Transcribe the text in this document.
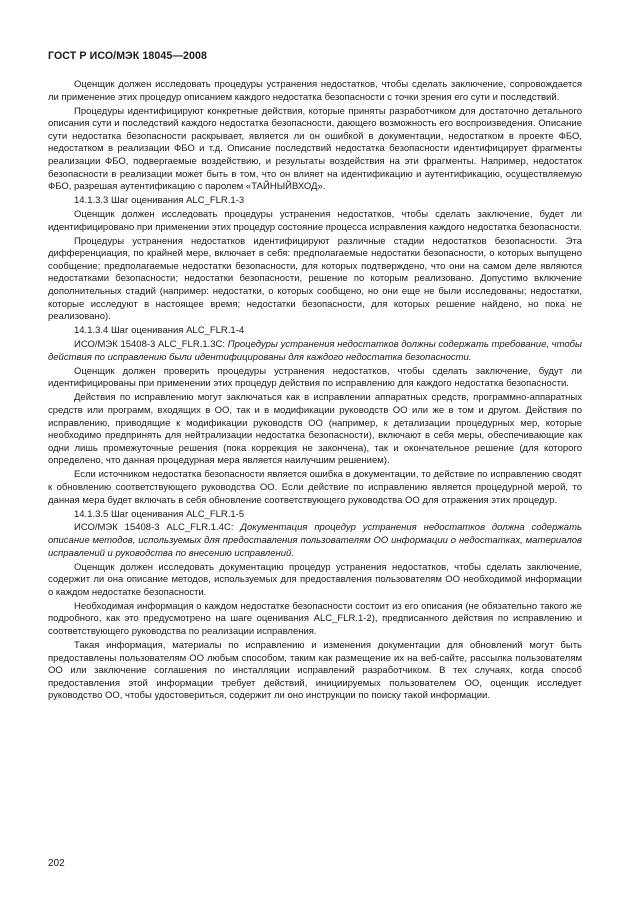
ГОСТ Р ИСО/МЭК 18045—2008

Оценщик должен исследовать процедуры устранения недостатков, чтобы сделать заключение, сопровождается ли применение этих процедур описанием каждого недостатка безопасности с точки зрения его сути и последствий.

Процедуры идентифицируют конкретные действия, которые приняты разработчиком для достаточно детального описания сути и последствий каждого недостатка безопасности, дающего возможность его воспроизведения. Описание сути недостатка безопасности раскрывает, является ли он ошибкой в документации, недостатком в проекте ФБО, недостатком в реализации ФБО и т.д. Описание последствий недостатка безопасности идентифицирует фрагменты реализации ФБО, подвергаемые воздействию, и результаты воздействия на эти фрагменты. Например, недостаток безопасности в реализации может быть в том, что он влияет на идентификацию и аутентификацию, осуществляемую ФБО, разрешая аутентификацию с паролем «ТАЙНЫЙВХОД».

14.1.3.3 Шаг оценивания ALC_FLR.1-3

Оценщик должен исследовать процедуры устранения недостатков, чтобы сделать заключение, будет ли идентифицировано при применении этих процедур состояние процесса исправления каждого недостатка безопасности.

Процедуры устранения недостатков идентифицируют различные стадии недостатков безопасности. Эта дифференциация, по крайней мере, включает в себя: предполагаемые недостатки безопасности, о которых выпущено сообщение; предполагаемые недостатки безопасности, для которых подтверждено, что они на самом деле являются недостатками безопасности; недостатки безопасности, решение по которым реализовано. Допустимо включение дополнительных стадий (например: недостатки, о которых сообщено, но они еще не были исследованы; недостатки, которые исследуют в настоящее время; недостатки безопасности, для которых решение найдено, но пока не реализовано).

14.1.3.4 Шаг оценивания ALC_FLR.1-4

ИСО/МЭК 15408-3 ALC_FLR.1.3С: Процедуры устранения недостатков должны содержать требование, чтобы действия по исправлению были идентифицированы для каждого недостатка безопасности.

Оценщик должен проверить процедуры устранения недостатков, чтобы сделать заключение, будут ли идентифицированы при применении этих процедур действия по исправлению для каждого недостатка безопасности.

Действия по исправлению могут заключаться как в исправлении аппаратных средств, программно-аппаратных средств или программ, входящих в ОО, так и в модификации руководств ОО или же в том и другом. Действия по исправлению, приводящие к модификации руководств ОО (например, к детализации процедурных мер, которые необходимо предпринять для нейтрализации недостатка безопасности), включают в себя меры, обеспечивающие как одни лишь промежуточные решения (пока коррекция не закончена), так и окончательное решение (для которого определено, что данная процедурная мера является наилучшим решением).

Если источником недостатка безопасности является ошибка в документации, то действие по исправлению сводят к обновлению соответствующего руководства ОО. Если действие по исправлению является процедурной мерой, то данная мера будет включать в себя обновление соответствующего руководства ОО для отражения этих процедур.

14.1.3.5 Шаг оценивания ALC_FLR.1-5

ИСО/МЭК 15408-3 ALC_FLR.1.4С: Документация процедур устранения недостатков должна содержать описание методов, используемых для предоставления пользователям ОО информации о недостатках, материалов исправлений и руководства по внесению исправлений.

Оценщик должен исследовать документацию процедур устранения недостатков, чтобы сделать заключение, содержит ли она описание методов, используемых для предоставления пользователям ОО необходимой информации о каждом недостатке безопасности.

Необходимая информация о каждом недостатке безопасности состоит из его описания (не обязательно такого же подробного, как это предусмотрено на шаге оценивания ALC_FLR.1-2), предписанного действия по исправлению и соответствующего руководства по реализации исправления.

Такая информация, материалы по исправлению и изменения документации для обновлений могут быть предоставлены пользователям ОО любым способом, таким как размещение их на веб-сайте, рассылка пользователям ОО или заключение соглашения по инсталляции исправлений разработчиком. В тех случаях, когда способ предоставления этой информации требует действий, инициируемых пользователем ОО, оценщик исследует руководство ОО, чтобы удостовериться, содержит ли оно инструкции по поиску такой информации.

202
